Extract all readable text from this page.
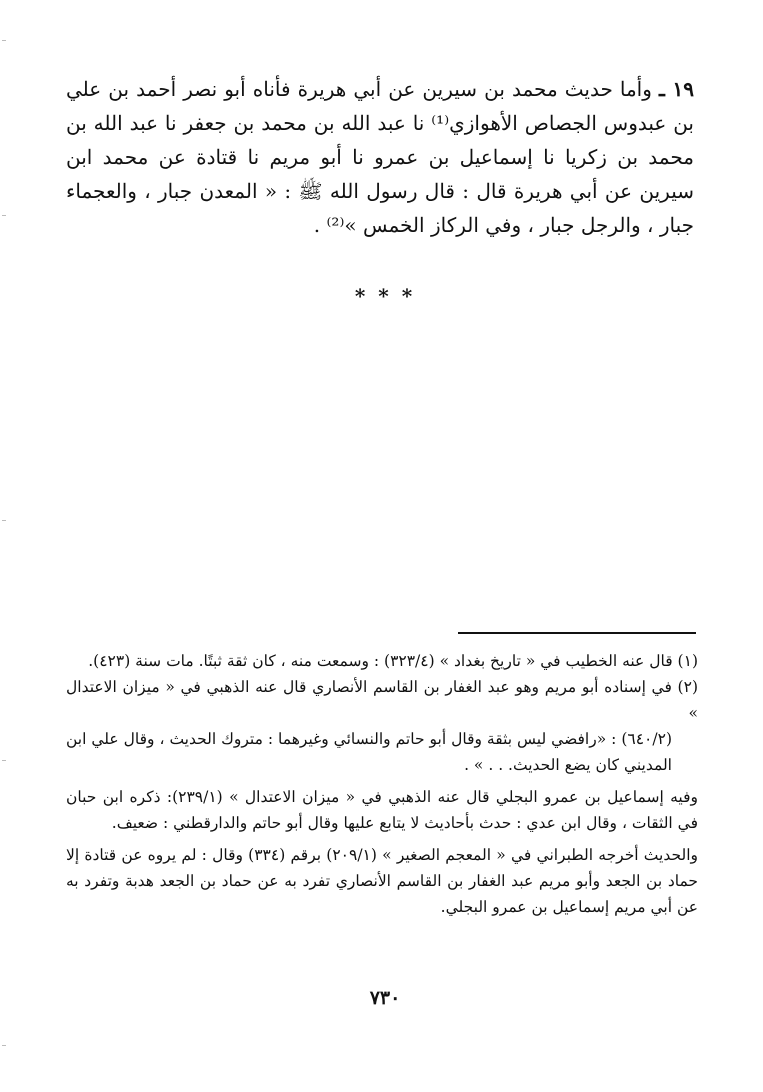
١٩ ـ وأما حديث محمد بن سيرين عن أبي هريرة فأناه أبو نصر أحمد بن علي بن عبدوس الجصاص الأهوازي⁽¹⁾ نا عبد الله بن محمد بن جعفر نا عبد الله بن محمد بن زكريا نا إسماعيل بن عمرو نا أبو مريم نا قتادة عن محمد ابن سيرين عن أبي هريرة قال : قال رسول الله ﷺ : « المعدن جبار ، والعجماء جبار ، والرجل جبار ، وفي الركاز الخمس »⁽²⁾ .

* * *

(١) قال عنه الخطيب في « تاريخ بغداد » (٣٢٣/٤) : وسمعت منه ، كان ثقة ثبتًا. مات سنة (٤٢٣).

(٢) في إسناده أبو مريم وهو عبد الغفار بن القاسم الأنصاري قال عنه الذهبي في « ميزان الاعتدال »

(٦٤٠/٢) : «رافضي ليس بثقة وقال أبو حاتم والنسائي وغيرهما : متروك الحديث ، وقال علي ابن المديني كان يضع الحديث. . . » .

وفيه إسماعيل بن عمرو البجلي قال عنه الذهبي في « ميزان الاعتدال » (٢٣٩/١): ذكره ابن حبان في الثقات ، وقال ابن عدي : حدث بأحاديث لا يتابع عليها وقال أبو حاتم والدارقطني : ضعيف.

والحديث أخرجه الطبراني في « المعجم الصغير » (٢٠٩/١) برقم (٣٣٤) وقال : لم يروه عن قتادة إلا حماد بن الجعد وأبو مريم عبد الغفار بن القاسم الأنصاري تفرد به عن حماد بن الجعد هدبة وتفرد به عن أبي مريم إسماعيل بن عمرو البجلي.

٧٣٠
